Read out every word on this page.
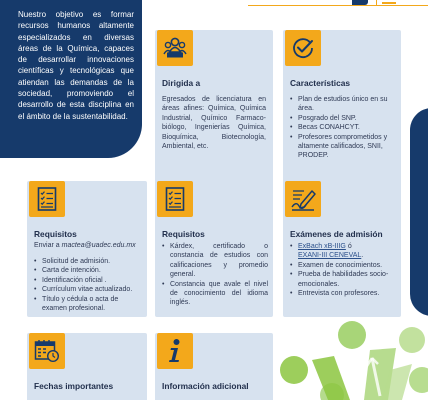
Nuestro objetivo es formar recursos humanos altamente especializados en diversas áreas de la Química, capaces de desarrollar innovaciones científicas y tecnológicas que atiendan las demandas de la sociedad, promoviendo el desarrollo de esta disciplina en el ámbito de la sustentabilidad.

Dirigida a
Egresados de licenciatura en áreas afines: Química, Química Industrial, Químico Farmaco-biólogo, Ingenierías Química, Bioquímica, Biotecnología, Ambiental, etc.
Características
• Plan de estudios único en su área.
• Posgrado del SNP.
• Becas CONAHCYT.
• Profesores comprometidos y altamente calificados, SNII, PRODEP.
Requisitos
Enviar a mactea@uadec.edu.mx
• Solicitud de admisión.
• Carta de intención.
• Identificación oficial .
• Currículum vitae actualizado.
• Título y cédula o acta de examen profesional.
Requisitos
• Kárdex, certificado o constancia de estudios con calificaciones y promedio general.
• Constancia que avale el nivel de conocimiento del idioma inglés.
Exámenes de admisión
• ExBach xB-IIIG ó
EXANI-III CENEVAL.
• Examen de conocimientos.
• Prueba de habilidades socio-emocionales.
• Entrevista con profesores.
Fechas importantes	Información adicional
